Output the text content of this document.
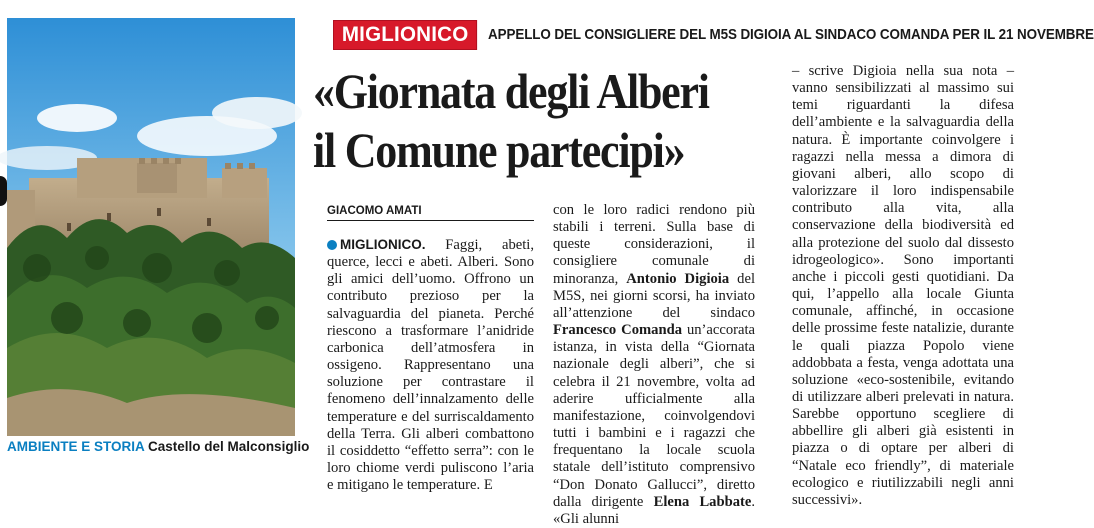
AMBIENTE E STORIA Castello del Malconsiglio
MIGLIONICO	APPELLO DEL CONSIGLIERE DEL M5S DIGIOIA AL SINDACO COMANDA PER IL 21 NOVEMBRE
«Giornata degli Alberi
il Comune partecipi»
GIACOMO AMATI

MIGLIONICO. Faggi, abeti, querce, lecci e abeti. Alberi. Sono gli amici dell’uomo. Offrono un contributo prezioso per la salvaguardia del pianeta. Perché riescono a trasformare l’anidride carbonica dell’atmosfera in ossigeno. Rappresentano una soluzione per contrastare il fenomeno dell’innalzamento delle temperature e del surriscaldamento della Terra. Gli alberi combattono il cosiddetto “effetto serra”: con le loro chiome verdi puliscono l’aria e mitigano le temperature. E

con le loro radici rendono più stabili i terreni. Sulla base di queste considerazioni, il consigliere comunale di minoranza, Antonio Digioia del M5S, nei giorni scorsi, ha inviato all’attenzione del sindaco Francesco Comanda un’accorata istanza, in vista della “Giornata nazionale degli alberi”, che si celebra il 21 novembre, volta ad aderire ufficialmente alla manifestazione, coinvolgendovi tutti i bambini e i ragazzi che frequentano la locale scuola statale dell’istituto comprensivo “Don Donato Gallucci”, diretto dalla dirigente Elena Labbate. «Gli alunni

– scrive Digioia nella sua nota – vanno sensibilizzati al massimo sui temi riguardanti la difesa dell’ambiente e la salvaguardia della natura. È importante coinvolgere i ragazzi nella messa a dimora di giovani alberi, allo scopo di valorizzare il loro indispensabile contributo alla vita, alla conservazione della biodiversità ed alla protezione del suolo dal dissesto idrogeologico». Sono importanti anche i piccoli gesti quotidiani. Da qui, l’appello alla locale Giunta comunale, affinché, in occasione delle prossime feste natalizie, durante le quali piazza Popolo viene addobbata a festa, venga adottata una soluzione «eco-sostenibile, evitando di utilizzare alberi prelevati in natura. Sarebbe opportuno scegliere di abbellire gli alberi già esistenti in piazza o di optare per alberi di “Natale eco friendly”, di materiale ecologico e riutilizzabili negli anni successivi».
